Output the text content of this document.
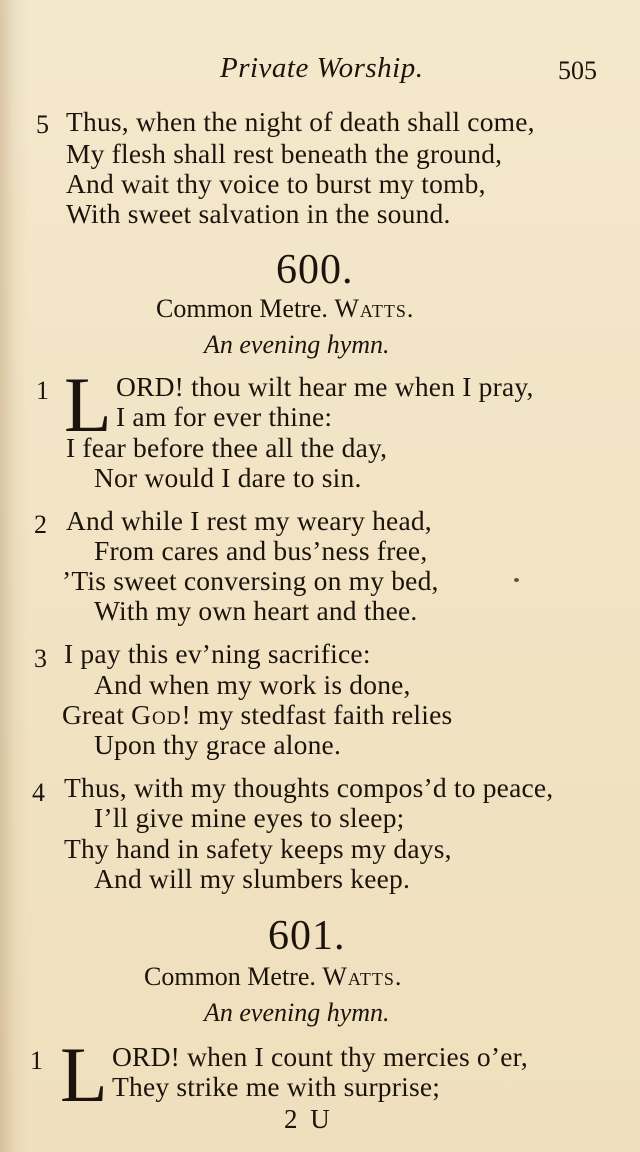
Private Worship.	505
5 Thus, when the night of death shall come,
My flesh shall rest beneath the ground,
And wait thy voice to burst my tomb,
With sweet salvation in the sound.
600.
Common Metre. Watts.
An evening hymn.
1 L ORD! thou wilt hear me when I pray,
I am for ever thine:
I fear before thee all the day,
Nor would I dare to sin.
2 And while I rest my weary head,
From cares and bus’ness free,
’Tis sweet conversing on my bed,
With my own heart and thee.
3 I pay this ev’ning sacrifice:
And when my work is done,
Great God! my stedfast faith relies
Upon thy grace alone.
4 Thus, with my thoughts compos’d to peace,
I’ll give mine eyes to sleep;
Thy hand in safety keeps my days,
And will my slumbers keep.
601.
Common Metre. Watts.
An evening hymn.
1 L ORD! when I count thy mercies o’er,
They strike me with surprise;
2 U
